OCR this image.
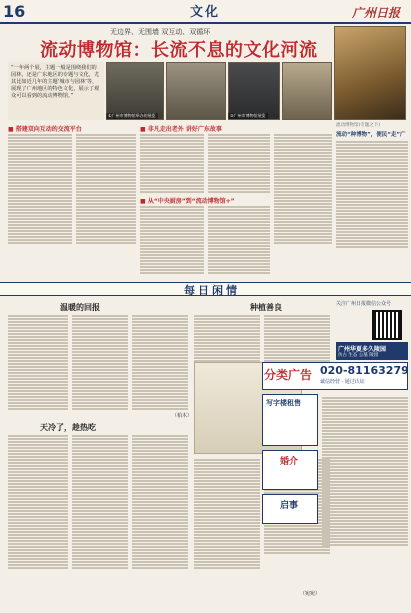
16	文化	广州日报
无边界、无围墙 双互动、双循环
流动博物馆：长流不息的文化河流
“一年两个展，主题一般是围绕我们的园林，还是广东地区的专题与文化，尤其比如近几年的主题‘城市与园林’等，展现了广州地区的特色文化，展示了观众可以看到的流动博物馆。”
①广州市博物馆举办的展览	③广州市博物馆展览
■ 搭建双向互动的交流平台	■ 非凡走出老外 讲好广东故事
■ 从“中央厨房”到“流动博物馆+”
流动博物馆(专题之下)
流动“种博物”，便民“走”广
每日闲情
温暖的回报
（柏木）
天冷了，趁热吃
种植善良
（宛宛）
分类广告 020-81163279
诚信经营 · 通过认证
写字楼租售
婚介
启事
关注广州日报微信公众号
广州华夏多久陵园
仿古 生态 公墓 陵园
